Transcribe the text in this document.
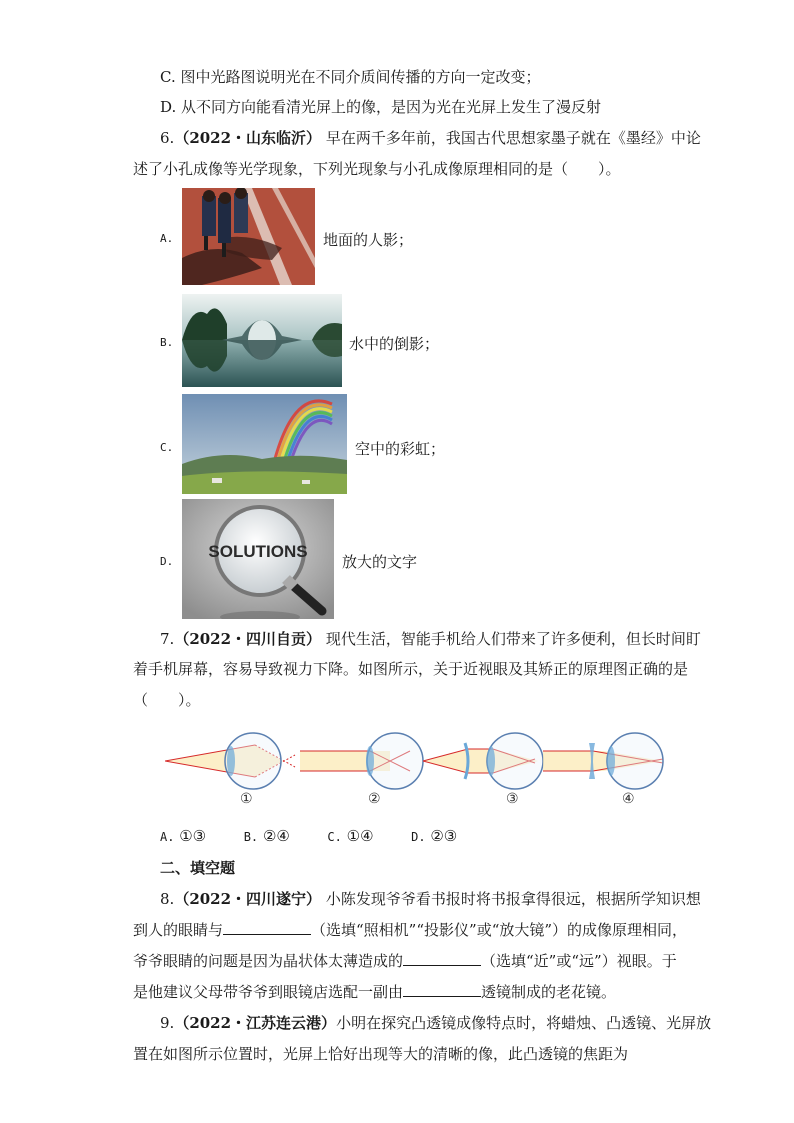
C. 图中光路图说明光在不同介质间传播的方向一定改变；
D. 从不同方向能看清光屏上的像，是因为光在光屏上发生了漫反射
6.（2022・山东临沂） 早在两千多年前，我国古代思想家墨子就在《墨经》中论
述了小孔成像等光学现象，下列光现象与小孔成像原理相同的是（　　）。
A.	地面的人影；
B.	水中的倒影；
C.	空中的彩虹；
D.
SOLUTIONS
放大的文字
7.（2022・四川自贡） 现代生活，智能手机给人们带来了许多便利，但长时间盯
着手机屏幕，容易导致视力下降。如图所示，关于近视眼及其矫正的原理图正确的是
（　　）。
①	②	③	④
A. ①③	B. ②④	C. ①④	D. ②③
二、填空题
8.（2022・四川遂宁） 小陈发现爷爷看书报时将书报拿得很远，根据所学知识想
到人的眼睛与	（选填“照相机”“投影仪”或“放大镜”）的成像原理相同，
爷爷眼睛的问题是因为晶状体太薄造成的	（选填“近”或“远”）视眼。于
是他建议父母带爷爷到眼镜店选配一副由	透镜制成的老花镜。
9.（2022・江苏连云港）小明在探究凸透镜成像特点时，将蜡烛、凸透镜、光屏放
置在如图所示位置时，光屏上恰好出现等大的清晰的像，此凸透镜的焦距为
